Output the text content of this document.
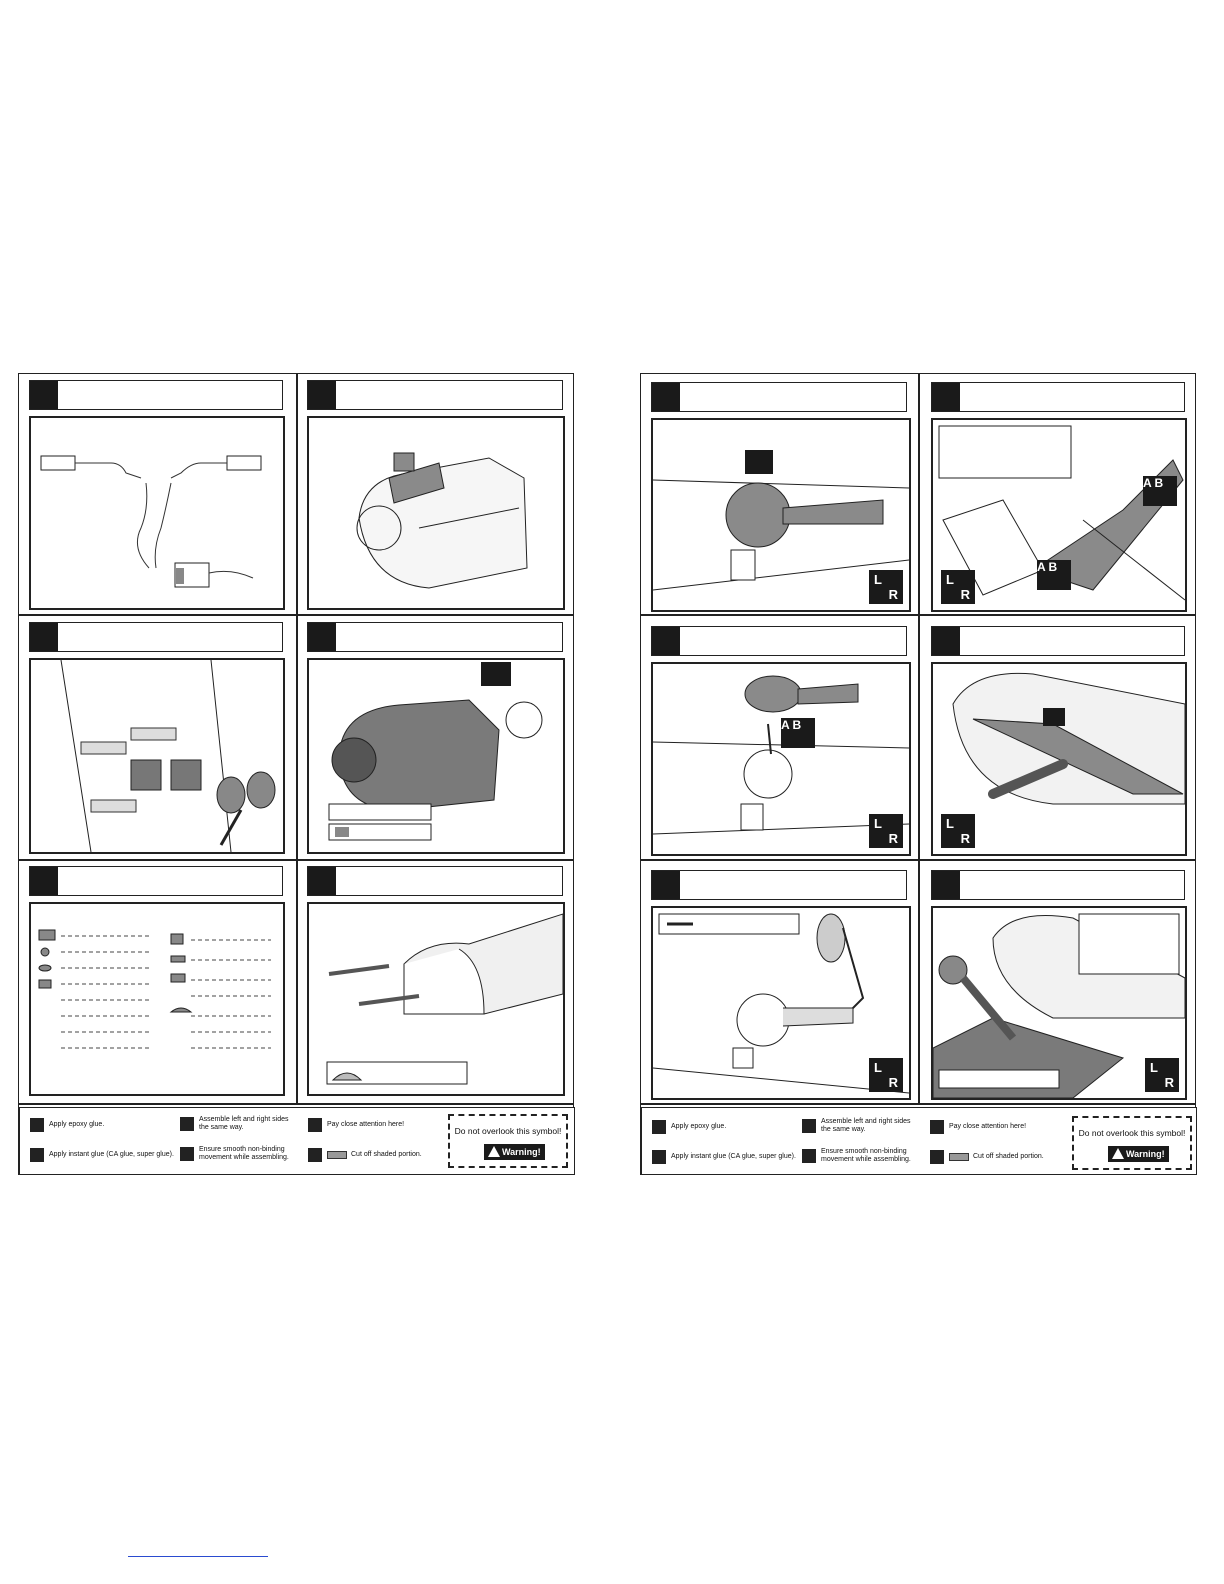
Apply epoxy glue.
Apply instant glue (CA glue, super glue).
Assemble left and right sides the same way.
Ensure smooth non-binding movement while assembling.
Pay close attention here!
Cut off shaded portion.
Do not overlook this symbol!
Warning!
L
R
A B
A B
L
R
A B
L
R
L
R
L
R
L
R
Apply epoxy glue.
Apply instant glue (CA glue, super glue).
Assemble left and right sides the same way.
Ensure smooth non-binding movement while assembling.
Pay close attention here!
Cut off shaded portion.
Do not overlook this symbol!
Warning!
